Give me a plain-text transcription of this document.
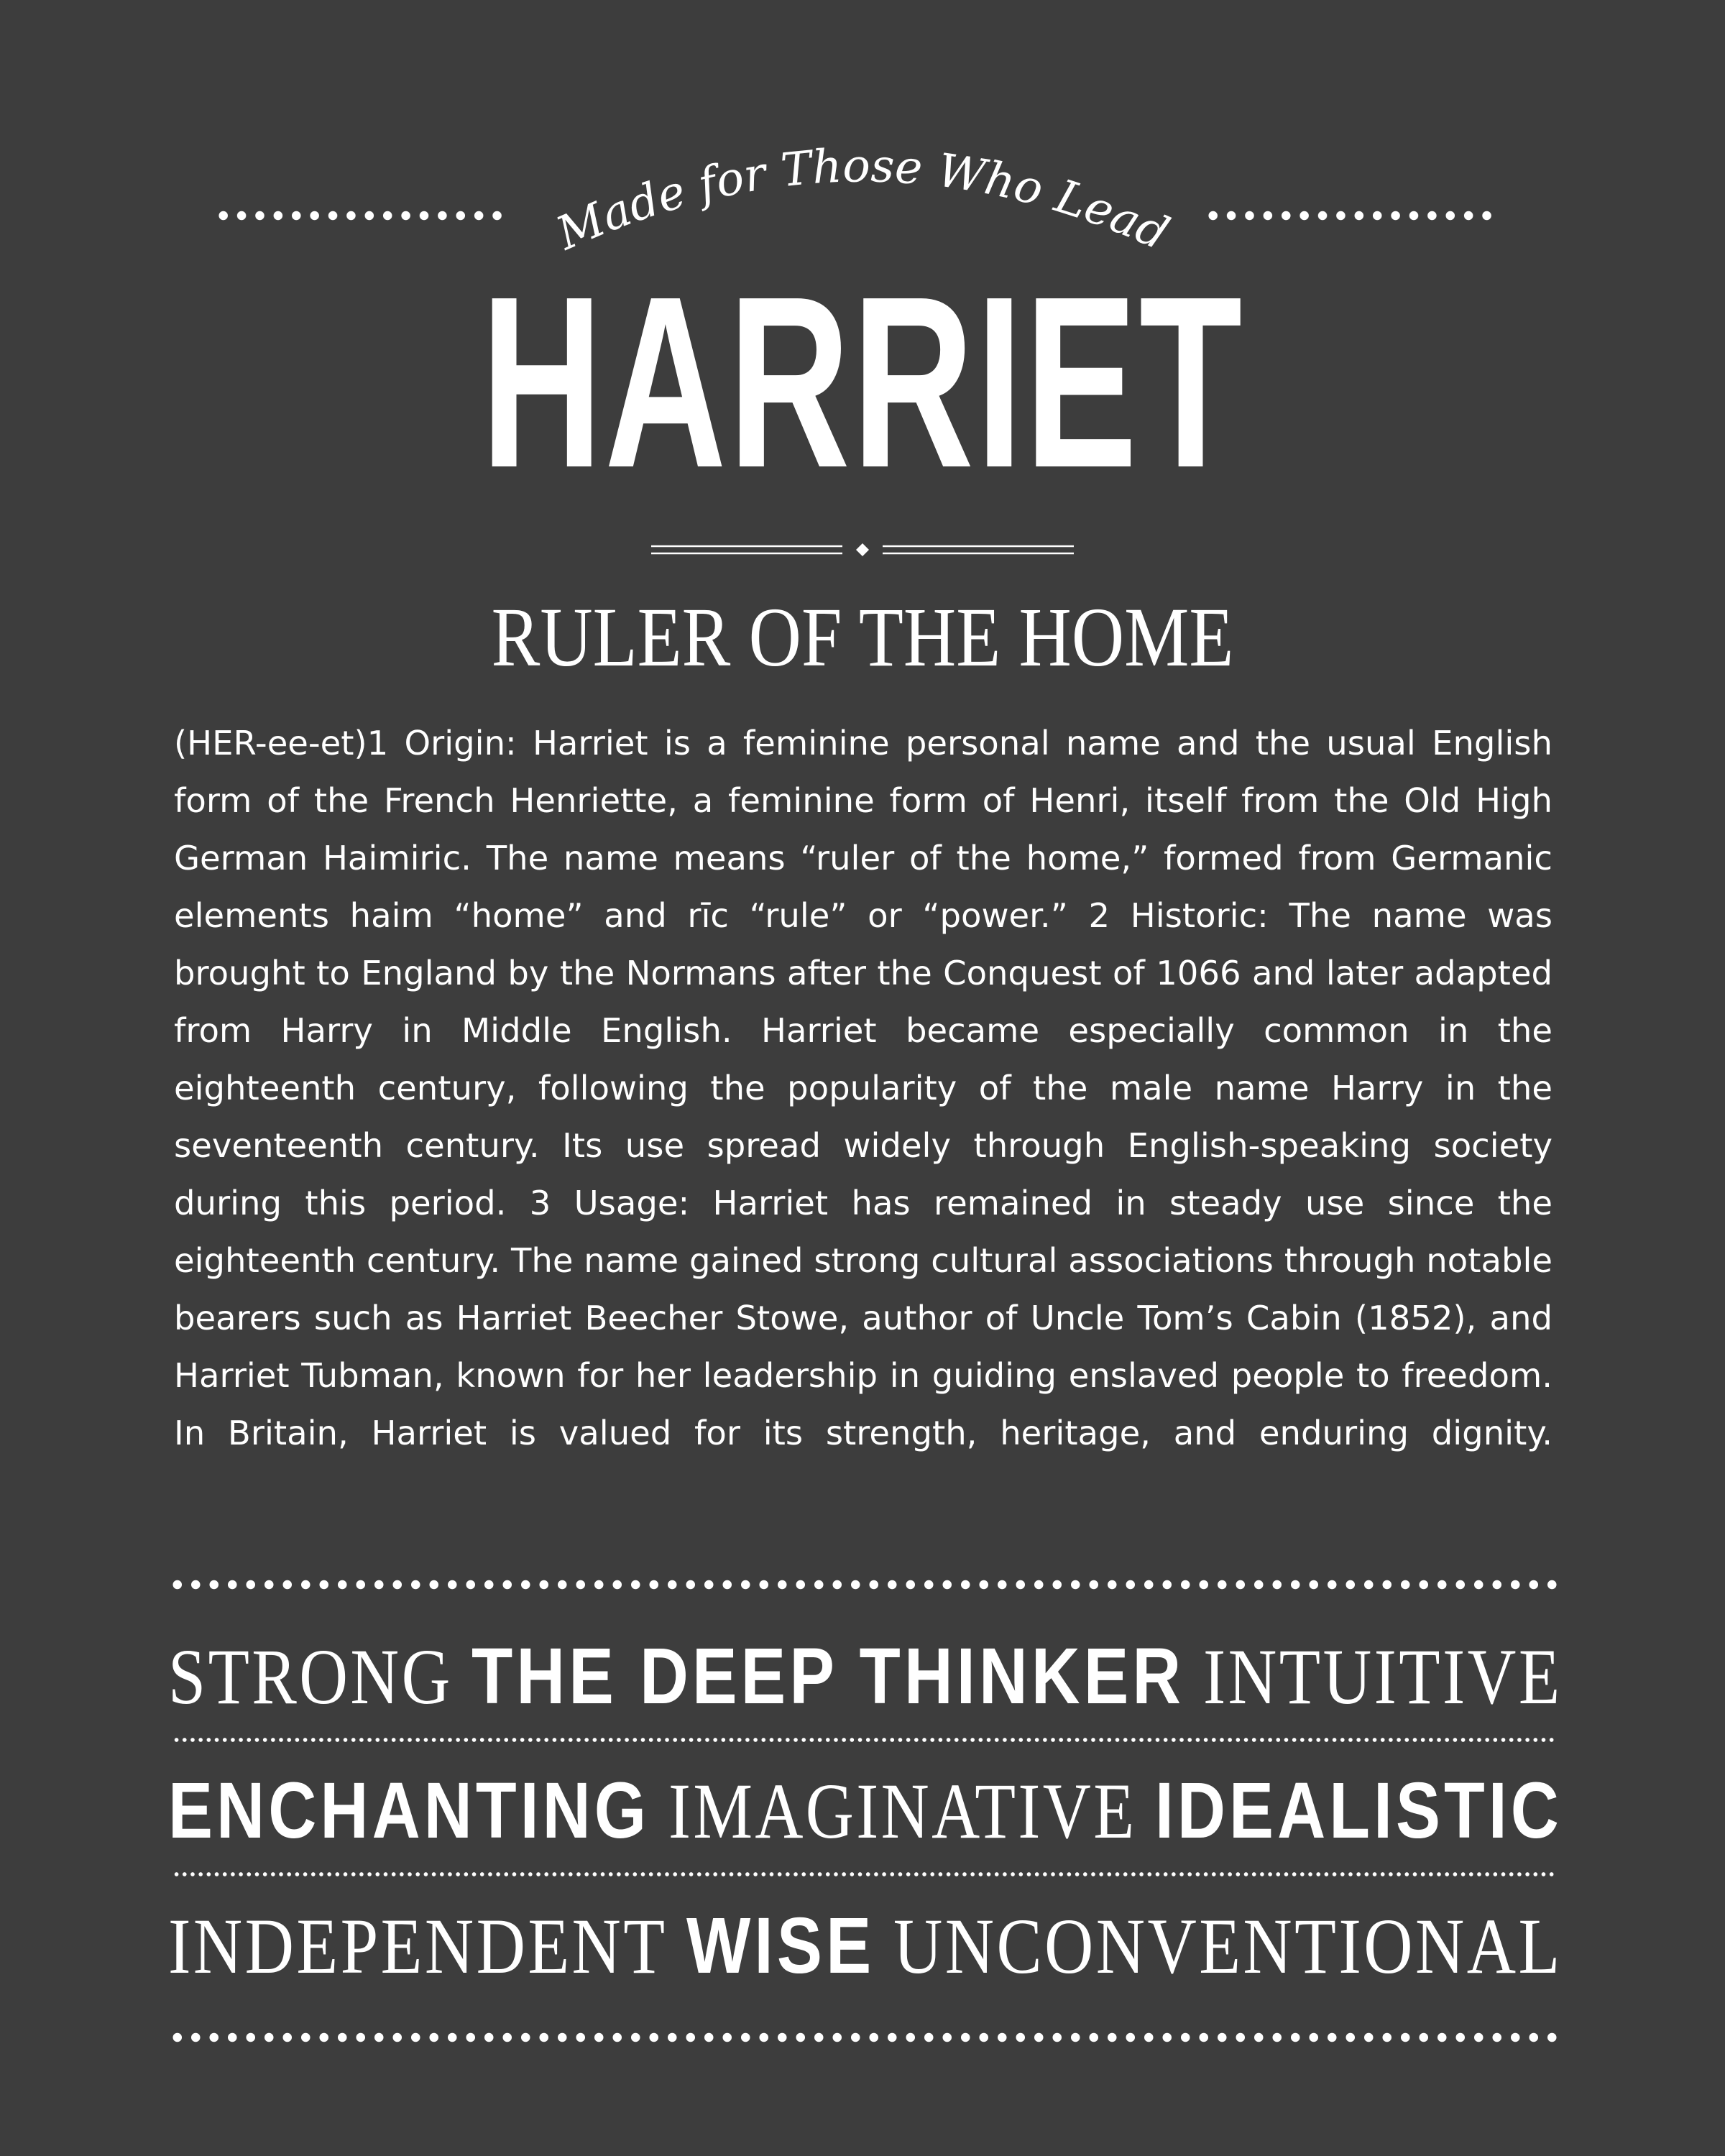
Made for Those Who Lead
HARRIET
RULER OF THE HOME

(HER-ee-et)1 Origin: Harriet is a feminine personal name and the usual English form of the French Henriette, a feminine form of Henri, itself from the Old High German Haimiric. The name means “ruler of the home,” formed from Germanic elements haim “home” and rīc “rule” or “power.” 2 Historic: The name was brought to England by the Normans after the Conquest of 1066 and later adapted from Harry in Middle English. Harriet became especially common in the eighteenth century, following the popularity of the male name Harry in the seventeenth century. Its use spread widely through English-speaking society during this period. 3 Usage: Harriet has remained in steady use since the eighteenth century. The name gained strong cultural associations through notable bearers such as Harriet Beecher Stowe, author of Uncle Tom’s Cabin (1852), and Harriet Tubman, known for her leadership in guiding enslaved people to freedom. In Britain, Harriet is valued for its strength, heritage, and enduring dignity.

STRONG THE DEEP THINKER INTUITIVE
ENCHANTING IMAGINATIVE IDEALISTIC
INDEPENDENT WISE UNCONVENTIONAL
